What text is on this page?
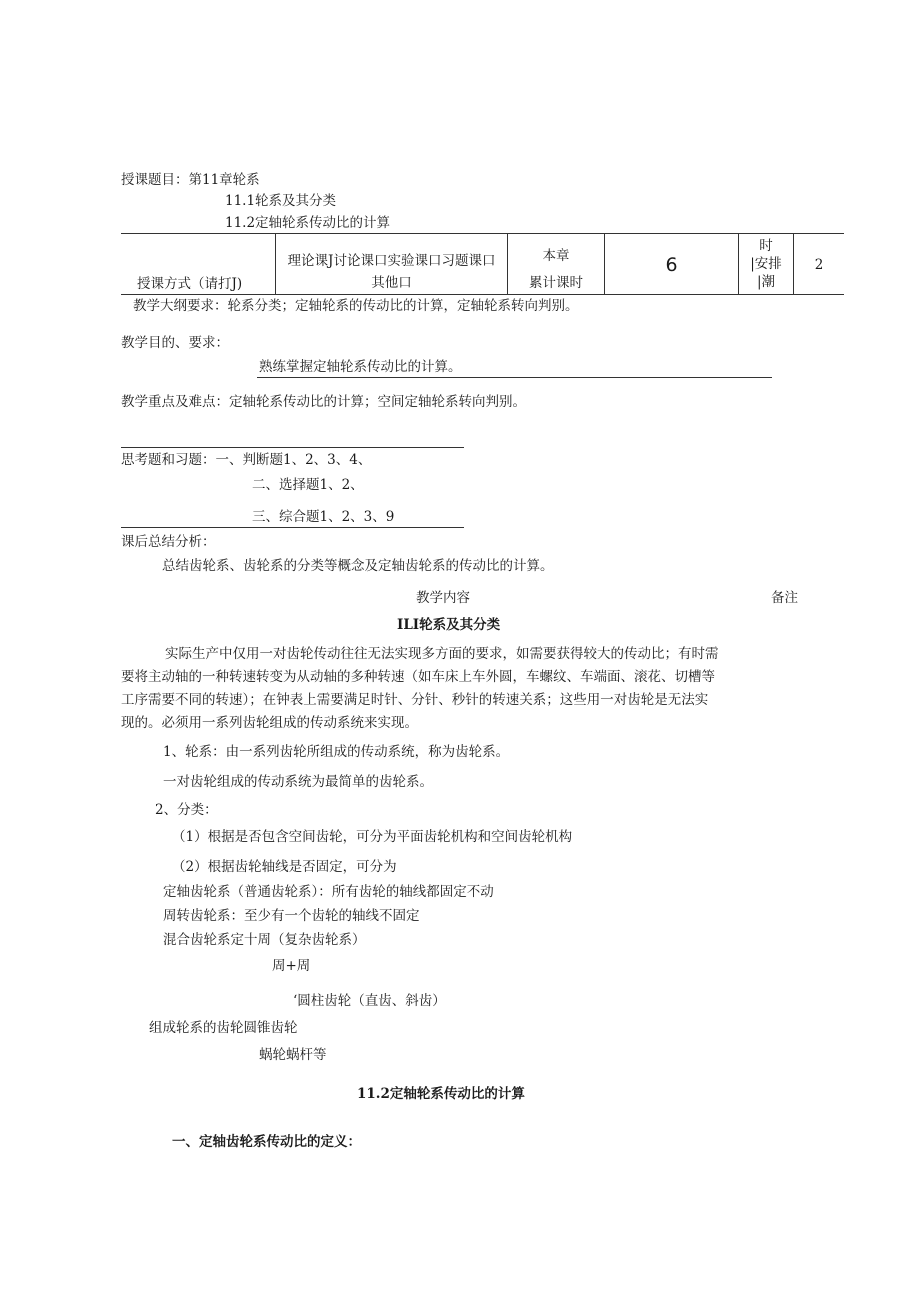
授课题目：第11章轮系
11.1轮系及其分类
11.2定轴轮系传动比的计算
授课方式（请打J)
理论课J讨论课口实验课口习题课口
其他口
本章
累计课时
6
时
|安排
|潮
2
教学大纲要求：轮系分类；定轴轮系的传动比的计算，定轴轮系转向判别。
教学目的、要求：
熟练掌握定轴轮系传动比的计算。
教学重点及难点：定轴轮系传动比的计算；空间定轴轮系转向判别。
思考题和习题：一、判断题1、2、3、4、
二、选择题1、2、
三、综合题1、2、3、9
课后总结分析：
总结齿轮系、齿轮系的分类等概念及定轴齿轮系的传动比的计算。
教学内容	备注
ILI轮系及其分类
实际生产中仅用一对齿轮传动往往无法实现多方面的要求，如需要获得较大的传动比；有时需
要将主动轴的一种转速转变为从动轴的多种转速（如车床上车外圆，车螺纹、车端面、滚花、切槽等
工序需要不同的转速）；在钟表上需要满足时针、分针、秒针的转速关系；这些用一对齿轮是无法实
现的。必须用一系列齿轮组成的传动系统来实现。
1、轮系：由一系列齿轮所组成的传动系统，称为齿轮系。
一对齿轮组成的传动系统为最简单的齿轮系。
2、分类：
（1）根据是否包含空间齿轮，可分为平面齿轮机构和空间齿轮机构
（2）根据齿轮轴线是否固定，可分为
定轴齿轮系（普通齿轮系）：所有齿轮的轴线都固定不动
周转齿轮系：至少有一个齿轮的轴线不固定
混合齿轮系定十周（复杂齿轮系）
周+周
‘圆柱齿轮（直齿、斜齿）
组成轮系的齿轮圆锥齿轮
蜗轮蜗杆等
11.2定轴轮系传动比的计算
一、定轴齿轮系传动比的定义：
